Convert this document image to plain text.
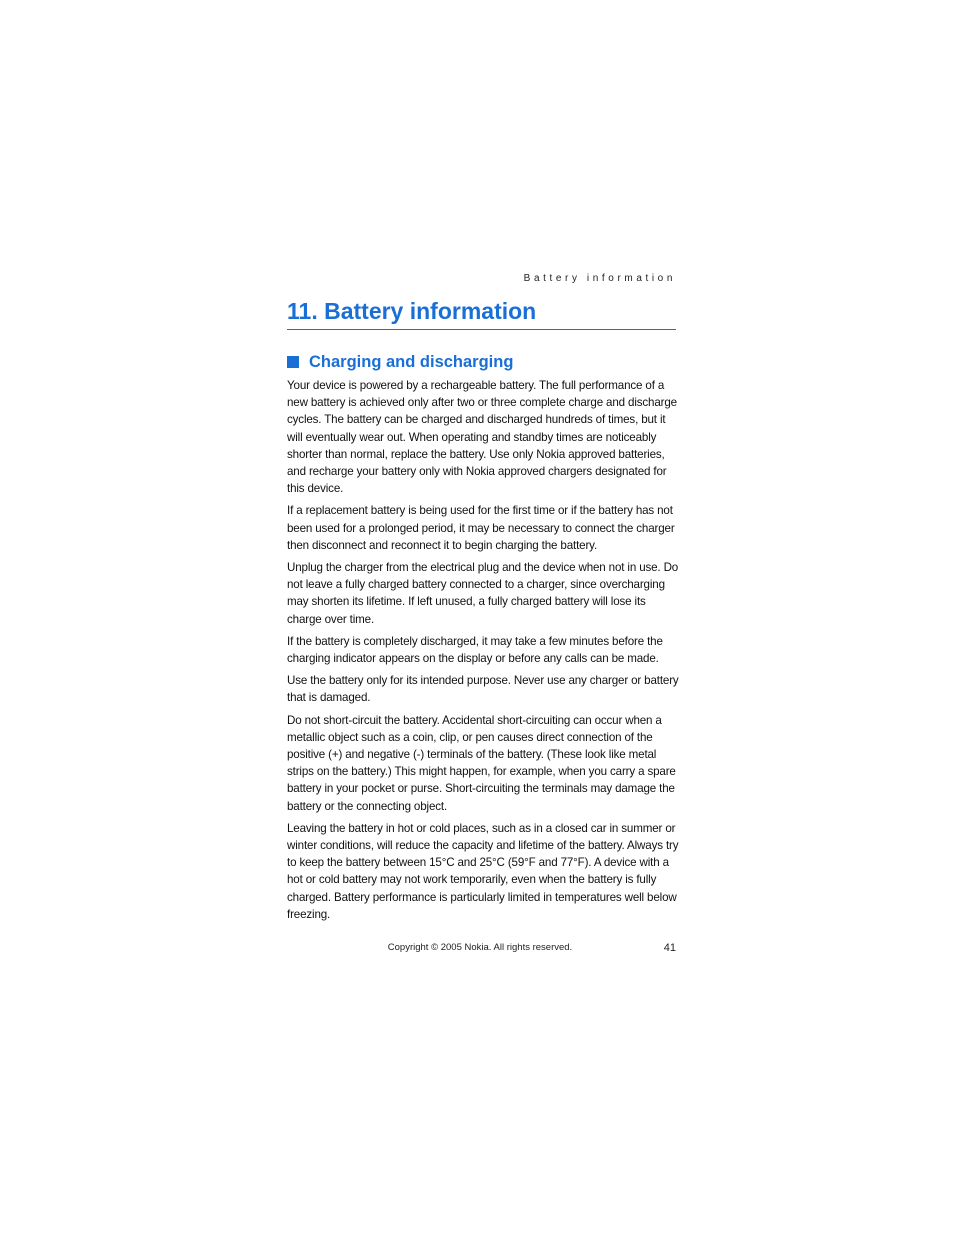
Battery information
11. Battery information
Charging and discharging

Your device is powered by a rechargeable battery. The full performance of a new battery is achieved only after two or three complete charge and discharge cycles. The battery can be charged and discharged hundreds of times, but it will eventually wear out. When operating and standby times are noticeably shorter than normal, replace the battery. Use only Nokia approved batteries, and recharge your battery only with Nokia approved chargers designated for this device.

If a replacement battery is being used for the first time or if the battery has not been used for a prolonged period, it may be necessary to connect the charger then disconnect and reconnect it to begin charging the battery.

Unplug the charger from the electrical plug and the device when not in use. Do not leave a fully charged battery connected to a charger, since overcharging may shorten its lifetime. If left unused, a fully charged battery will lose its charge over time.

If the battery is completely discharged, it may take a few minutes before the charging indicator appears on the display or before any calls can be made.

Use the battery only for its intended purpose. Never use any charger or battery that is damaged.

Do not short-circuit the battery. Accidental short-circuiting can occur when a metallic object such as a coin, clip, or pen causes direct connection of the positive (+) and negative (-) terminals of the battery. (These look like metal strips on the battery.) This might happen, for example, when you carry a spare battery in your pocket or purse. Short-circuiting the terminals may damage the battery or the connecting object.

Leaving the battery in hot or cold places, such as in a closed car in summer or winter conditions, will reduce the capacity and lifetime of the battery. Always try to keep the battery between 15°C and 25°C (59°F and 77°F). A device with a hot or cold battery may not work temporarily, even when the battery is fully charged. Battery performance is particularly limited in temperatures well below freezing.

Copyright © 2005 Nokia. All rights reserved.	41
